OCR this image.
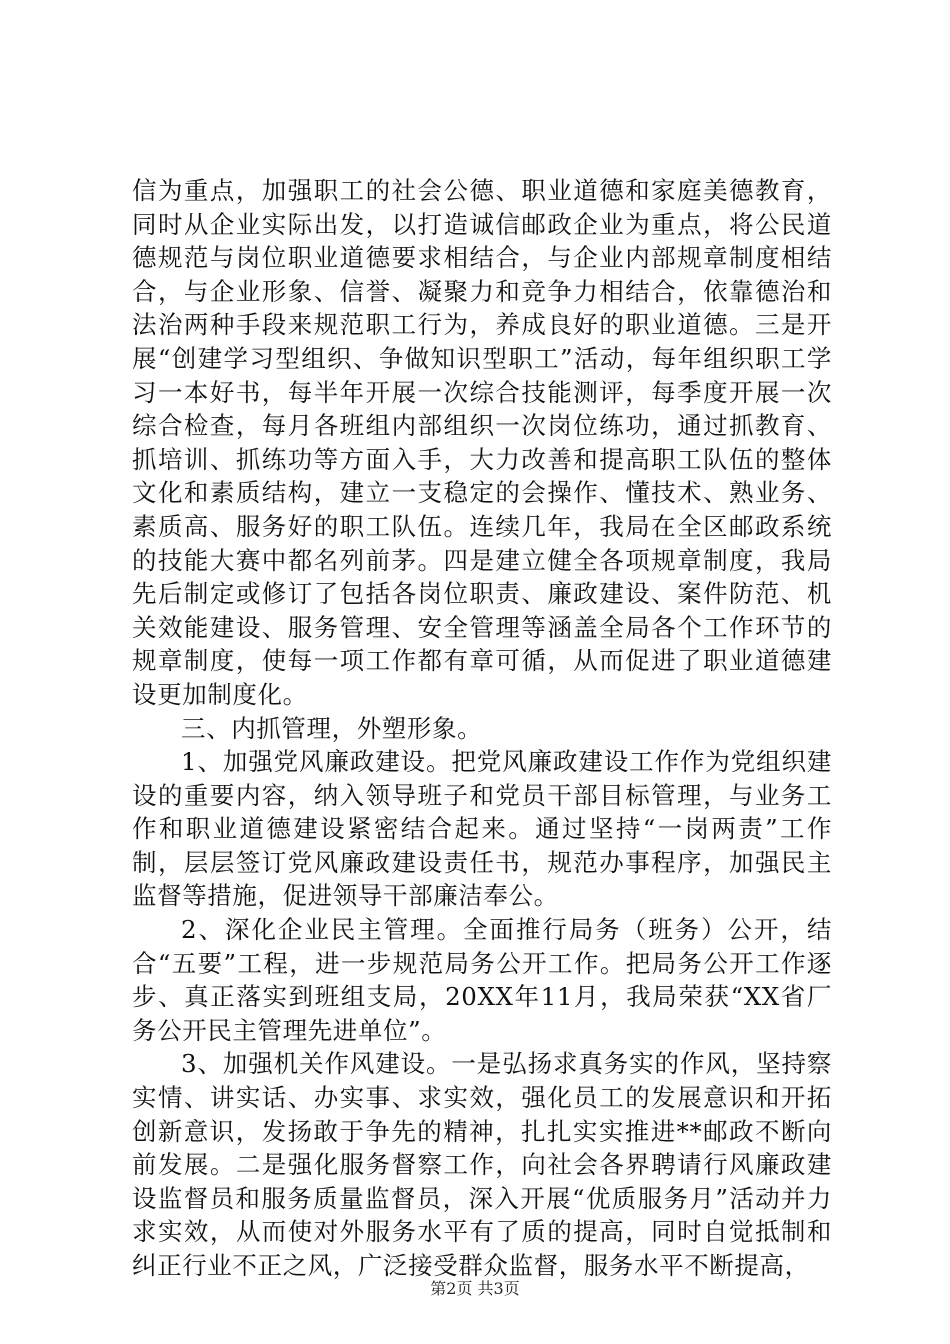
信为重点，加强职工的社会公德、职业道德和家庭美德教育，同时从企业实际出发，以打造诚信邮政企业为重点，将公民道德规范与岗位职业道德要求相结合，与企业内部规章制度相结合，与企业形象、信誉、凝聚力和竞争力相结合，依靠德治和法治两种手段来规范职工行为，养成良好的职业道德。三是开展“创建学习型组织、争做知识型职工”活动，每年组织职工学习一本好书，每半年开展一次综合技能测评，每季度开展一次综合检查，每月各班组内部组织一次岗位练功，通过抓教育、抓培训、抓练功等方面入手，大力改善和提高职工队伍的整体文化和素质结构，建立一支稳定的会操作、懂技术、熟业务、素质高、服务好的职工队伍。连续几年，我局在全区邮政系统的技能大赛中都名列前茅。四是建立健全各项规章制度，我局先后制定或修订了包括各岗位职责、廉政建设、案件防范、机关效能建设、服务管理、安全管理等涵盖全局各个工作环节的规章制度，使每一项工作都有章可循，从而促进了职业道德建设更加制度化。

三、内抓管理，外塑形象。

1、加强党风廉政建设。把党风廉政建设工作作为党组织建设的重要内容，纳入领导班子和党员干部目标管理，与业务工作和职业道德建设紧密结合起来。通过坚持“一岗两责”工作制，层层签订党风廉政建设责任书，规范办事程序，加强民主监督等措施，促进领导干部廉洁奉公。

2、深化企业民主管理。全面推行局务（班务）公开，结合“五要”工程，进一步规范局务公开工作。把局务公开工作逐步、真正落实到班组支局，20XX年11月，我局荣获“XX省厂务公开民主管理先进单位”。

3、加强机关作风建设。一是弘扬求真务实的作风，坚持察实情、讲实话、办实事、求实效，强化员工的发展意识和开拓创新意识，发扬敢于争先的精神，扎扎实实推进**邮政不断向前发展。二是强化服务督察工作，向社会各界聘请行风廉政建设监督员和服务质量监督员，深入开展“优质服务月”活动并力求实效，从而使对外服务水平有了质的提高，同时自觉抵制和纠正行业不正之风，广泛接受群众监督，服务水平不断提高，

第2页 共3页
